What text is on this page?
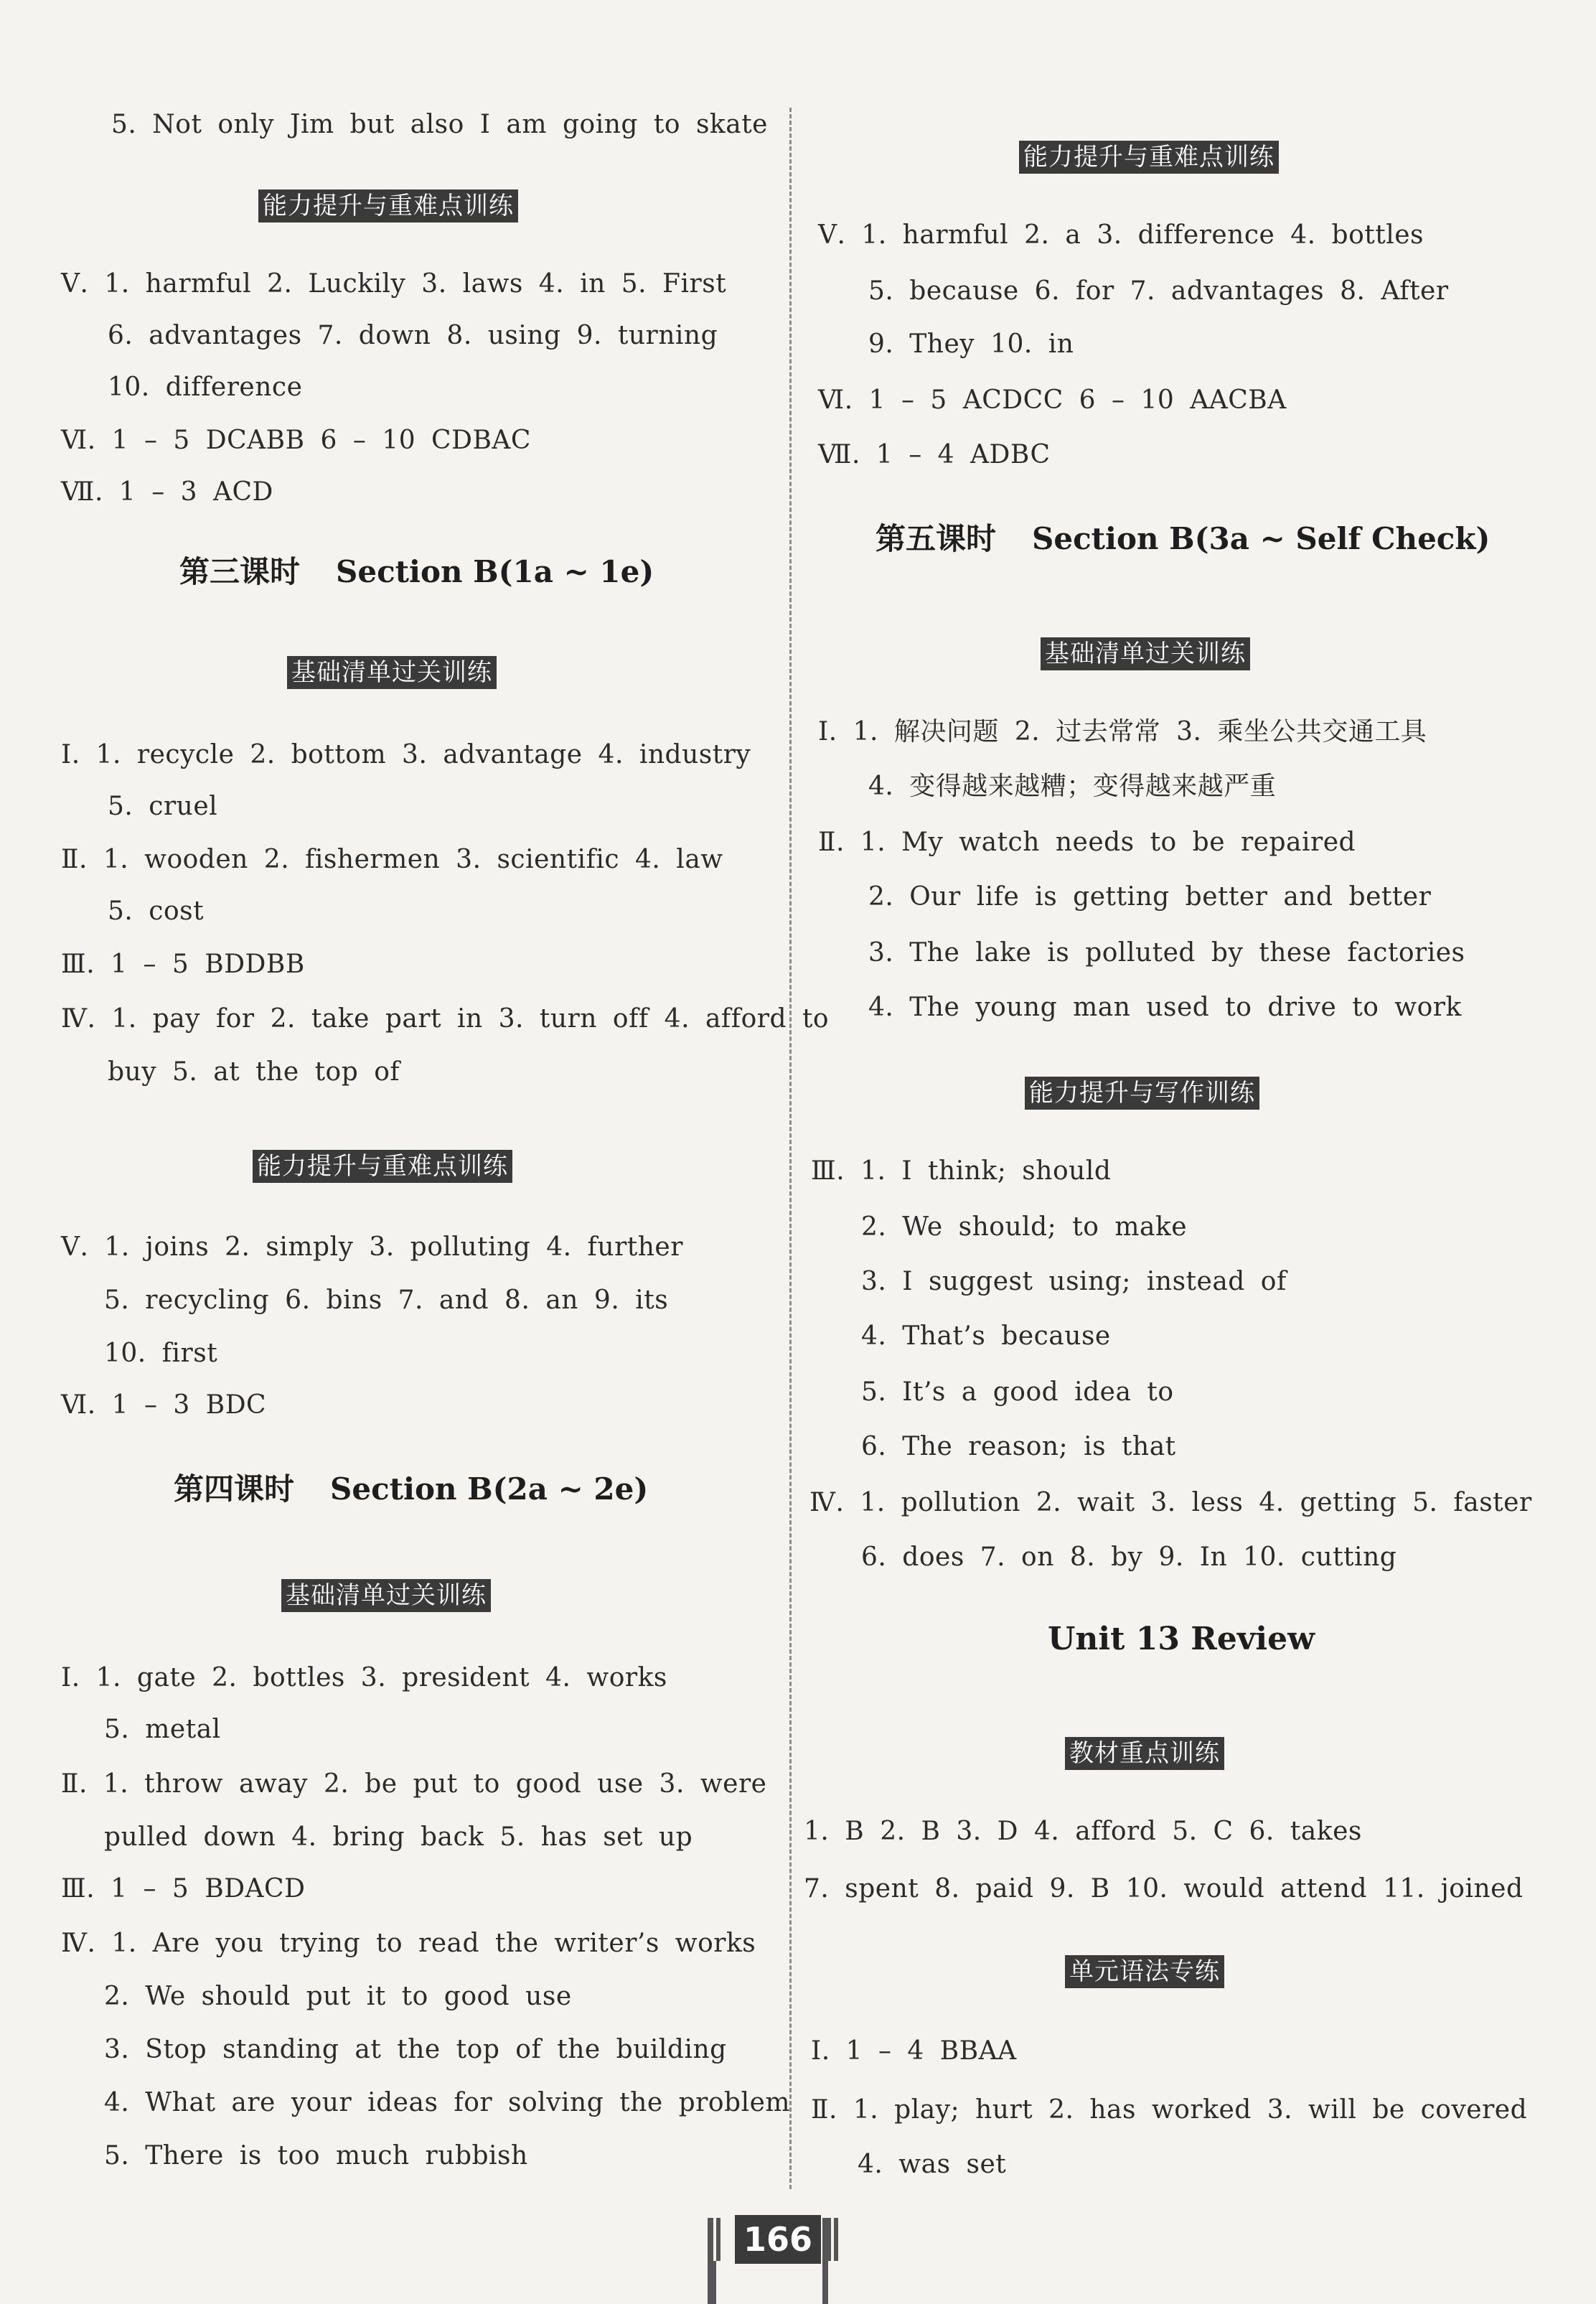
5. Not only Jim but also I am going to skate
能力提升与重难点训练
Ⅴ. 1. harmful 2. Luckily 3. laws 4. in 5. First
6. advantages 7. down 8. using 9. turning
10. difference
Ⅵ. 1 – 5 DCABB 6 – 10 CDBAC
Ⅶ. 1 – 3 ACD
第三课时 Section B(1a ~ 1e)
基础清单过关训练
Ⅰ. 1. recycle 2. bottom 3. advantage 4. industry
5. cruel
Ⅱ. 1. wooden 2. fishermen 3. scientific 4. law
5. cost
Ⅲ. 1 – 5 BDDBB
Ⅳ. 1. pay for 2. take part in 3. turn off 4. afford to
buy 5. at the top of
能力提升与重难点训练
Ⅴ. 1. joins 2. simply 3. polluting 4. further
5. recycling 6. bins 7. and 8. an 9. its
10. first
Ⅵ. 1 – 3 BDC
第四课时 Section B(2a ~ 2e)
基础清单过关训练
Ⅰ. 1. gate 2. bottles 3. president 4. works
5. metal
Ⅱ. 1. throw away 2. be put to good use 3. were
pulled down 4. bring back 5. has set up
Ⅲ. 1 – 5 BDACD
Ⅳ. 1. Are you trying to read the writer’s works
2. We should put it to good use
3. Stop standing at the top of the building
4. What are your ideas for solving the problem
5. There is too much rubbish
能力提升与重难点训练
Ⅴ. 1. harmful 2. a 3. difference 4. bottles
5. because 6. for 7. advantages 8. After
9. They 10. in
Ⅵ. 1 – 5 ACDCC 6 – 10 AACBA
Ⅶ. 1 – 4 ADBC
第五课时 Section B(3a ~ Self Check)
基础清单过关训练
Ⅰ. 1. 解决问题 2. 过去常常 3. 乘坐公共交通工具
4. 变得越来越糟；变得越来越严重
Ⅱ. 1. My watch needs to be repaired
2. Our life is getting better and better
3. The lake is polluted by these factories
4. The young man used to drive to work
能力提升与写作训练
Ⅲ. 1. I think; should
2. We should; to make
3. I suggest using; instead of
4. That’s because
5. It’s a good idea to
6. The reason; is that
Ⅳ. 1. pollution 2. wait 3. less 4. getting 5. faster
6. does 7. on 8. by 9. In 10. cutting
Unit 13 Review
教材重点训练
1. B 2. B 3. D 4. afford 5. C 6. takes
7. spent 8. paid 9. B 10. would attend 11. joined
单元语法专练
Ⅰ. 1 – 4 BBAA
Ⅱ. 1. play; hurt 2. has worked 3. will be covered
4. was set
166
